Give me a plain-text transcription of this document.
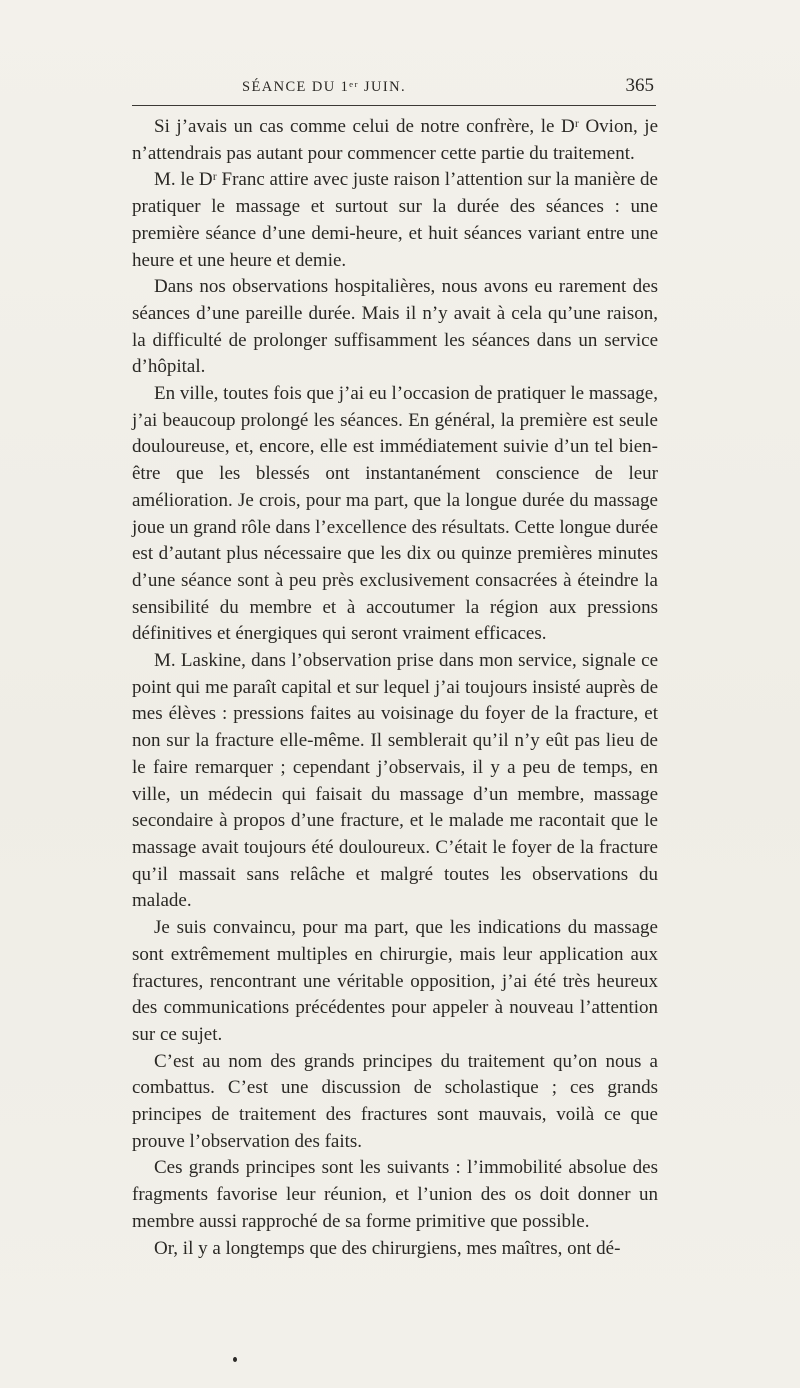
SÉANCE DU 1ᵉʳ JUIN.	365

Si j’avais un cas comme celui de notre confrère, le Dʳ Ovion, je n’attendrais pas autant pour commencer cette partie du traitement.

M. le Dʳ Franc attire avec juste raison l’attention sur la manière de pratiquer le massage et surtout sur la durée des séances : une première séance d’une demi-heure, et huit séances variant entre une heure et une heure et demie.

Dans nos observations hospitalières, nous avons eu rarement des séances d’une pareille durée. Mais il n’y avait à cela qu’une raison, la difficulté de prolonger suffisamment les séances dans un service d’hôpital.

En ville, toutes fois que j’ai eu l’occasion de pratiquer le massage, j’ai beaucoup prolongé les séances. En général, la première est seule douloureuse, et, encore, elle est immédiatement suivie d’un tel bien-être que les blessés ont instantanément conscience de leur amélioration. Je crois, pour ma part, que la longue durée du massage joue un grand rôle dans l’excellence des résultats. Cette longue durée est d’autant plus nécessaire que les dix ou quinze premières minutes d’une séance sont à peu près exclusivement consacrées à éteindre la sensibilité du membre et à accoutumer la région aux pressions définitives et énergiques qui seront vraiment efficaces.

M. Laskine, dans l’observation prise dans mon service, signale ce point qui me paraît capital et sur lequel j’ai toujours insisté auprès de mes élèves : pressions faites au voisinage du foyer de la fracture, et non sur la fracture elle-même. Il semblerait qu’il n’y eût pas lieu de le faire remarquer ; cependant j’observais, il y a peu de temps, en ville, un médecin qui faisait du massage d’un membre, massage secondaire à propos d’une fracture, et le malade me racontait que le massage avait toujours été douloureux. C’était le foyer de la fracture qu’il massait sans relâche et malgré toutes les observations du malade.

Je suis convaincu, pour ma part, que les indications du massage sont extrêmement multiples en chirurgie, mais leur application aux fractures, rencontrant une véritable opposition, j’ai été très heureux des communications précédentes pour appeler à nouveau l’attention sur ce sujet.

C’est au nom des grands principes du traitement qu’on nous a combattus. C’est une discussion de scholastique ; ces grands principes de traitement des fractures sont mauvais, voilà ce que prouve l’observation des faits.

Ces grands principes sont les suivants : l’immobilité absolue des fragments favorise leur réunion, et l’union des os doit donner un membre aussi rapproché de sa forme primitive que possible.

Or, il y a longtemps que des chirurgiens, mes maîtres, ont dé-
